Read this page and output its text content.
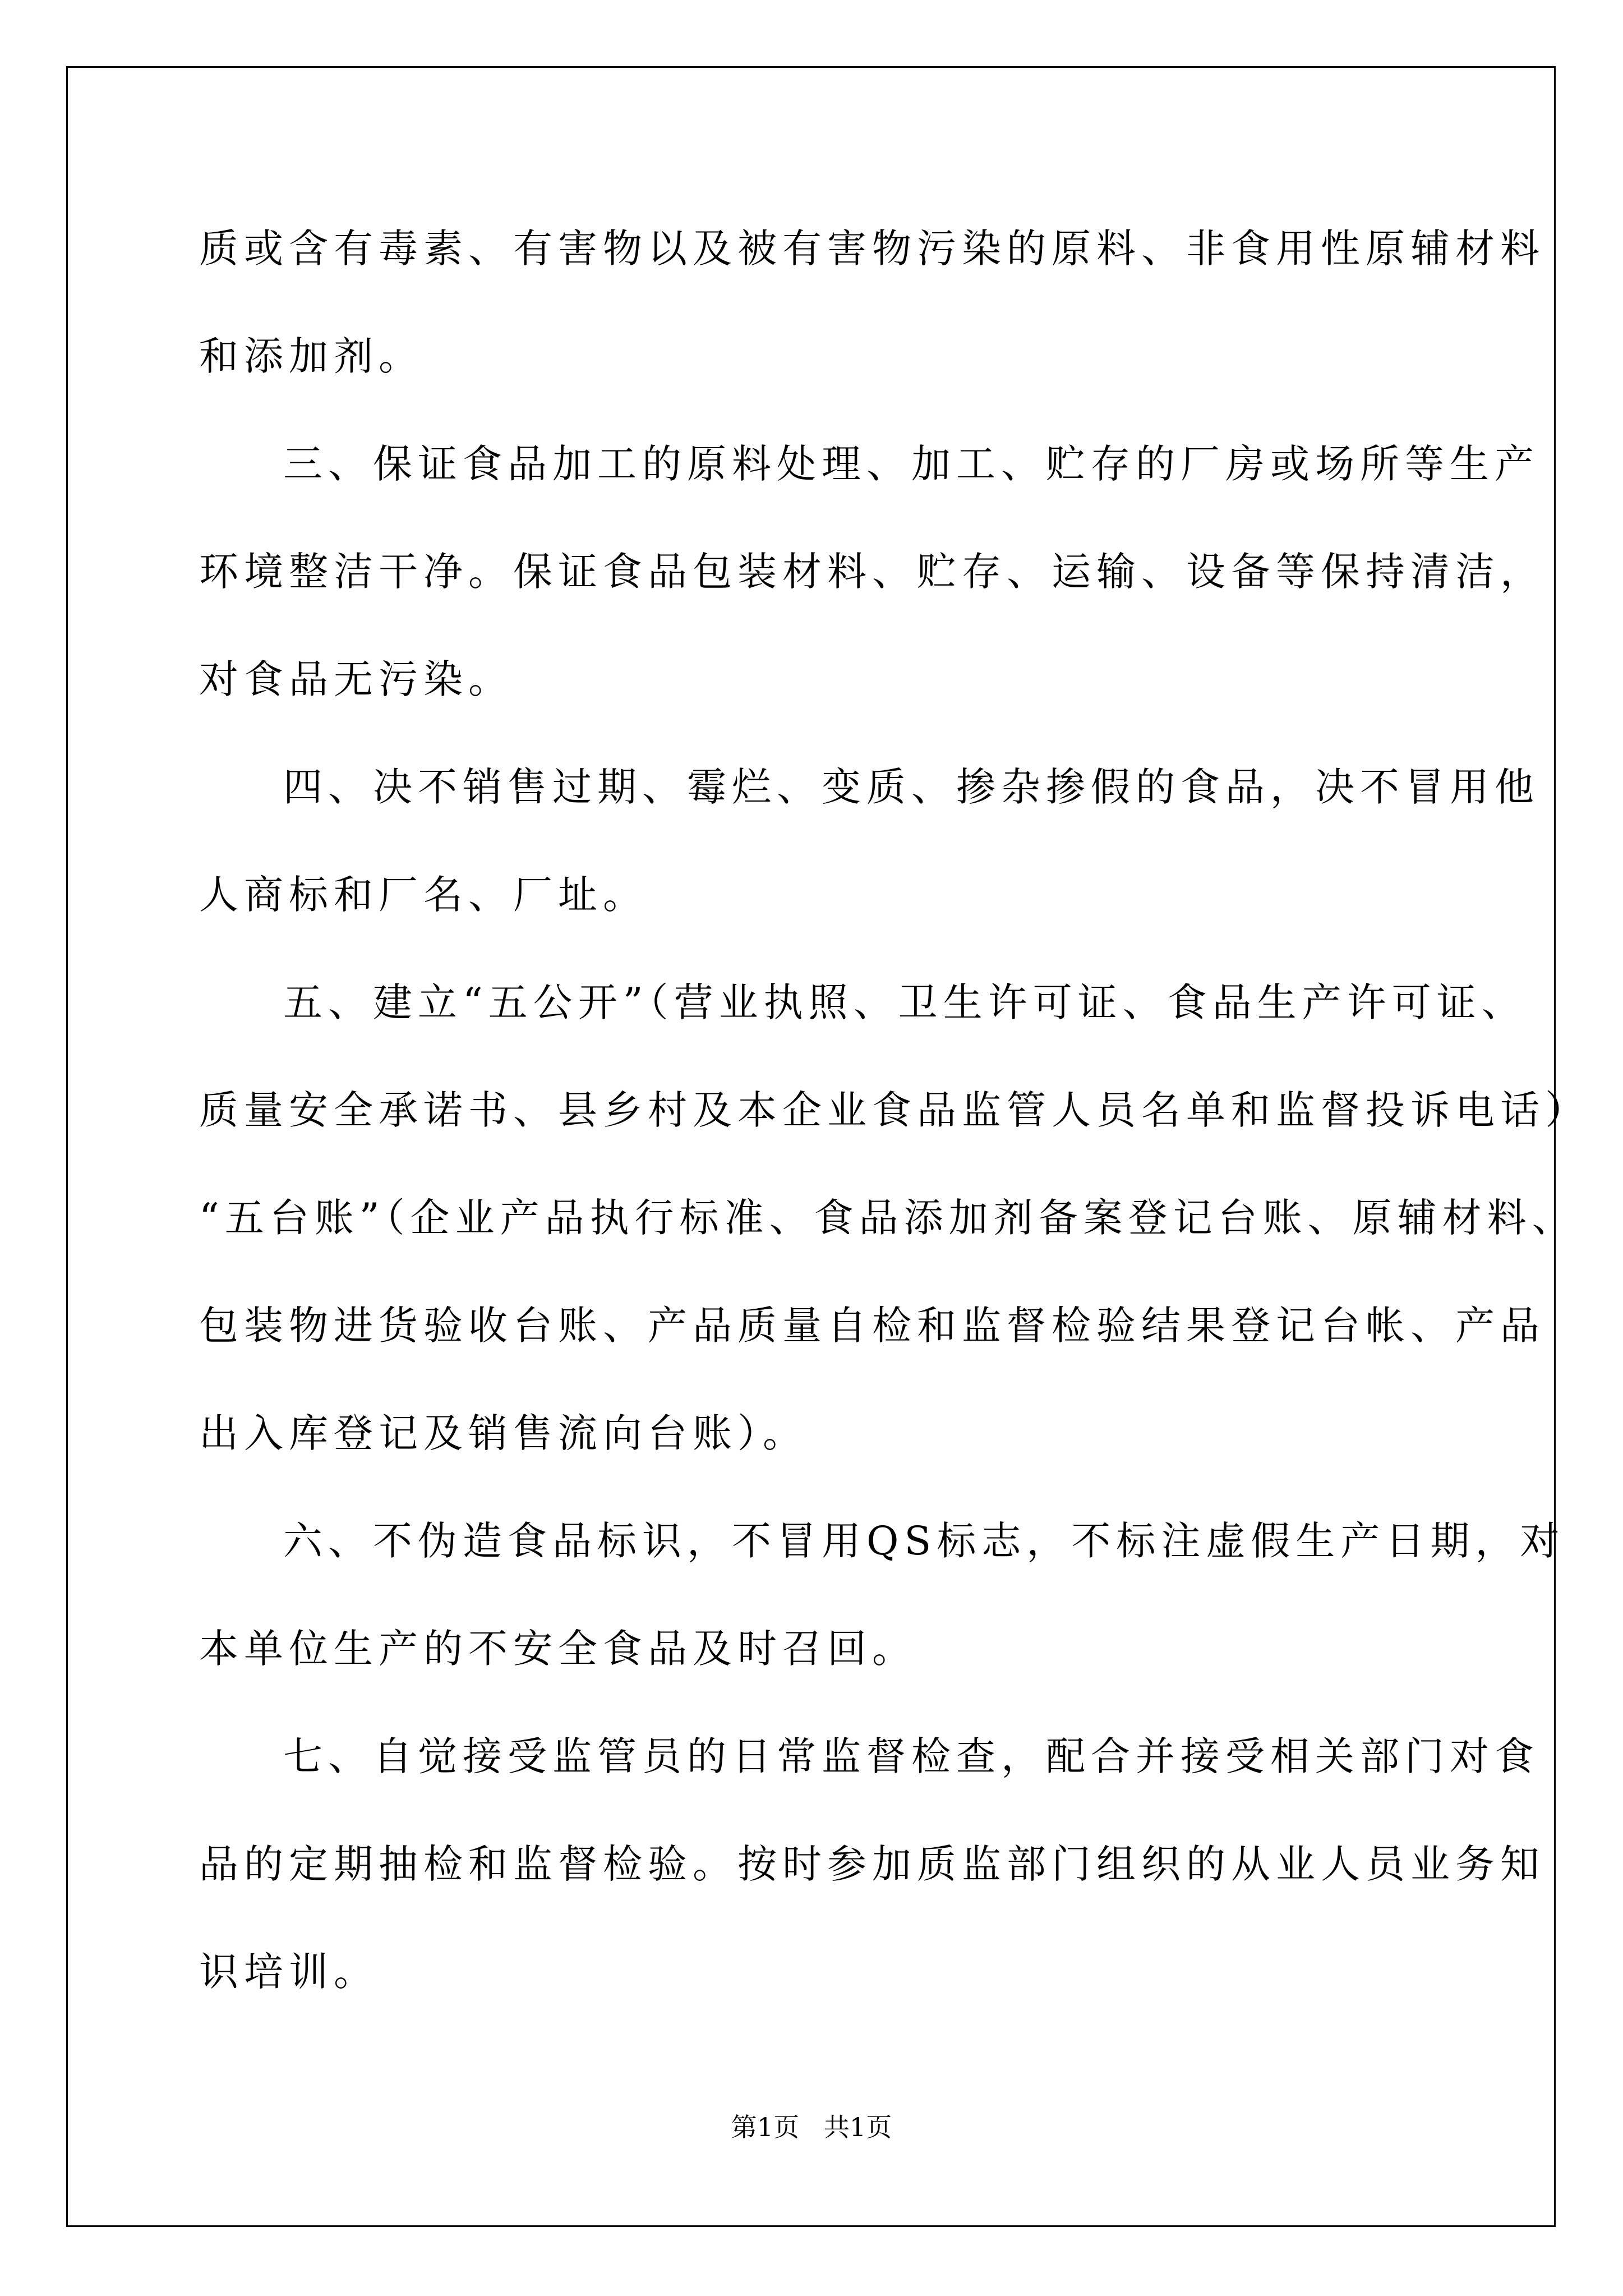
质或含有毒素、有害物以及被有害物污染的原料、非食用性原辅材料
和添加剂。
三、保证食品加工的原料处理、加工、贮存的厂房或场所等生产
环境整洁干净。保证食品包装材料、贮存、运输、设备等保持清洁，
对食品无污染。
四、决不销售过期、霉烂、变质、掺杂掺假的食品，决不冒用他
人商标和厂名、厂址。
五、建立“五公开”（营业执照、卫生许可证、食品生产许可证、
质量安全承诺书、县乡村及本企业食品监管人员名单和监督投诉电话）
“五台账”（企业产品执行标准、食品添加剂备案登记台账、原辅材料、
包装物进货验收台账、产品质量自检和监督检验结果登记台帐、产品
出入库登记及销售流向台账）。
六、不伪造食品标识，不冒用QS标志，不标注虚假生产日期，对
本单位生产的不安全食品及时召回。
七、自觉接受监管员的日常监督检查，配合并接受相关部门对食
品的定期抽检和监督检验。按时参加质监部门组织的从业人员业务知
识培训。
第1页   共1页
